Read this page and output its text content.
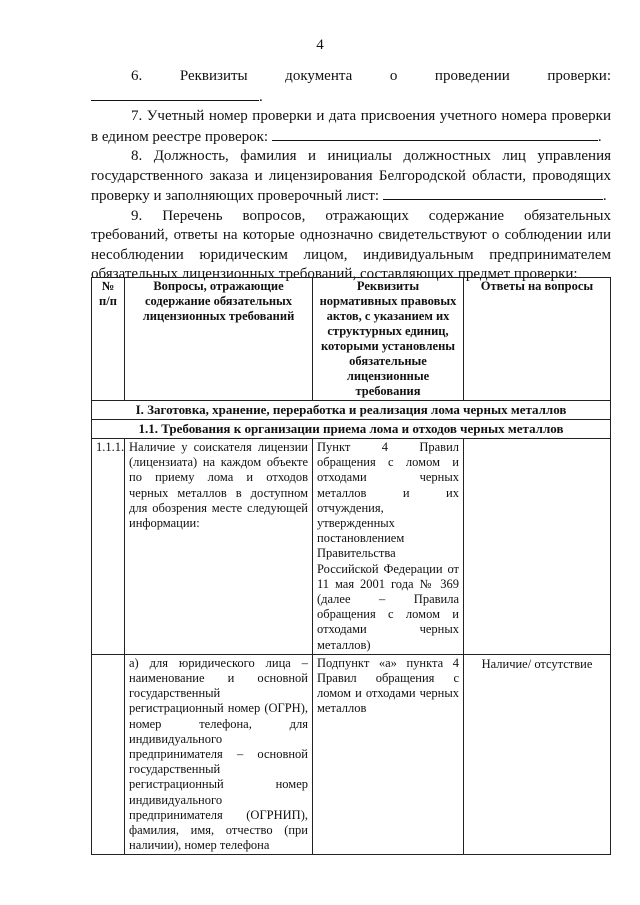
4

6.	Реквизиты документа о проведении проверки: .

7. Учетный номер проверки и дата присвоения учетного номера проверки в едином реестре проверок:	.

8. Должность, фамилия и инициалы должностных лиц управления государственного заказа и лицензирования Белгородской области, проводящих проверку и заполняющих проверочный лист:	.

9. Перечень вопросов, отражающих содержание обязательных требований, ответы на которые однозначно свидетельствуют о соблюдении или несоблюдении юридическим лицом, индивидуальным предпринимателем обязательных лицензионных требований, составляющих предмет проверки:

№ п/п	Вопросы, отражающие содержание обязательных лицензионных требований	Реквизиты нормативных правовых актов, с указанием их структурных единиц, которыми установлены обязательные лицензионные требования	Ответы на вопросы
I. Заготовка, хранение, переработка и реализация лома черных металлов			
1.1. Требования к организации приема лома и отходов черных металлов			
1.1.1.	Наличие у соискателя лицензии (лицензиата) на каждом объекте по приему лома и отходов черных металлов в доступном для обозрения месте следующей информации:	Пункт 4 Правил обращения с ломом и отходами черных металлов и их отчуждения, утвержденных постановлением Правительства Российской Федерации от 11 мая 2001 года № 369 (далее – Правила обращения с ломом и отходами черных металлов)	
	а) для юридического лица – наименование и основной государственный регистрационный номер (ОГРН), номер телефона, для индивидуального предпринимателя – основной государственный регистрационный номер индивидуального предпринимателя (ОГРНИП), фамилия, имя, отчество (при наличии), номер телефона	Подпункт «а» пункта 4 Правил обращения с ломом и отходами черных металлов	Наличие/ отсутствие
